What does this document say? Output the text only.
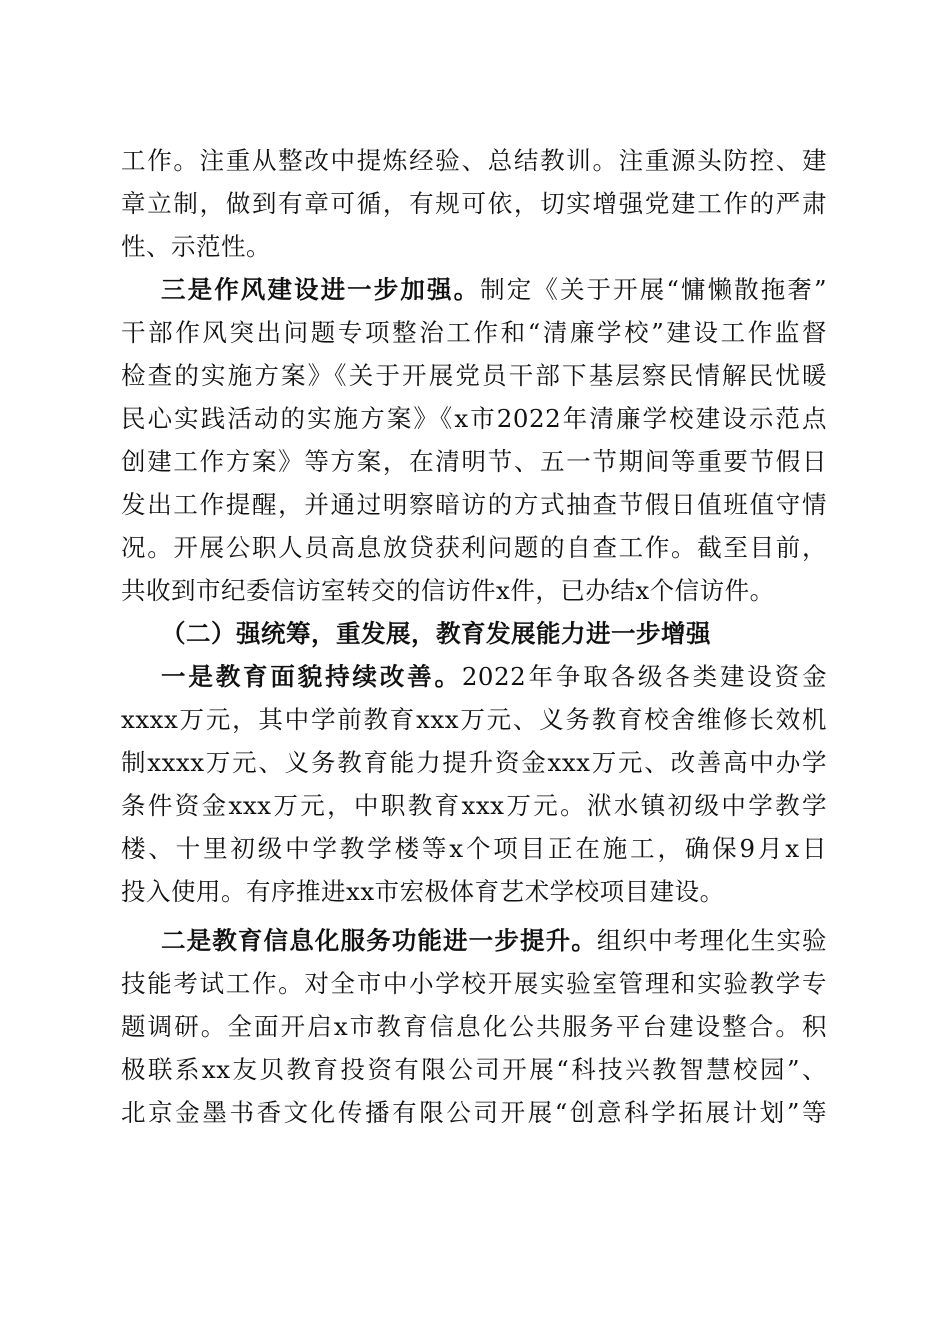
工作。注重从整改中提炼经验、总结教训。注重源头防控、建
章立制，做到有章可循，有规可依，切实增强党建工作的严肃
性、示范性。
三是作风建设进一步加强。制定《关于开展“慵懒散拖奢”
干部作风突出问题专项整治工作和“清廉学校”建设工作监督
检查的实施方案》《关于开展党员干部下基层察民情解民忧暖
民心实践活动的实施方案》《x市2022年清廉学校建设示范点
创建工作方案》等方案，在清明节、五一节期间等重要节假日
发出工作提醒，并通过明察暗访的方式抽查节假日值班值守情
况。开展公职人员高息放贷获利问题的自查工作。截至目前，
共收到市纪委信访室转交的信访件x件，已办结x个信访件。
（二）强统筹，重发展，教育发展能力进一步增强
一是教育面貌持续改善。2022年争取各级各类建设资金
xxxx万元，其中学前教育xxx万元、义务教育校舍维修长效机
制xxxx万元、义务教育能力提升资金xxx万元、改善高中办学
条件资金xxx万元，中职教育xxx万元。洑水镇初级中学教学
楼、十里初级中学教学楼等x个项目正在施工，确保9月x日
投入使用。有序推进xx市宏极体育艺术学校项目建设。
二是教育信息化服务功能进一步提升。组织中考理化生实验
技能考试工作。对全市中小学校开展实验室管理和实验教学专
题调研。全面开启x市教育信息化公共服务平台建设整合。积
极联系xx友贝教育投资有限公司开展“科技兴教智慧校园”、
北京金墨书香文化传播有限公司开展“创意科学拓展计划”等
